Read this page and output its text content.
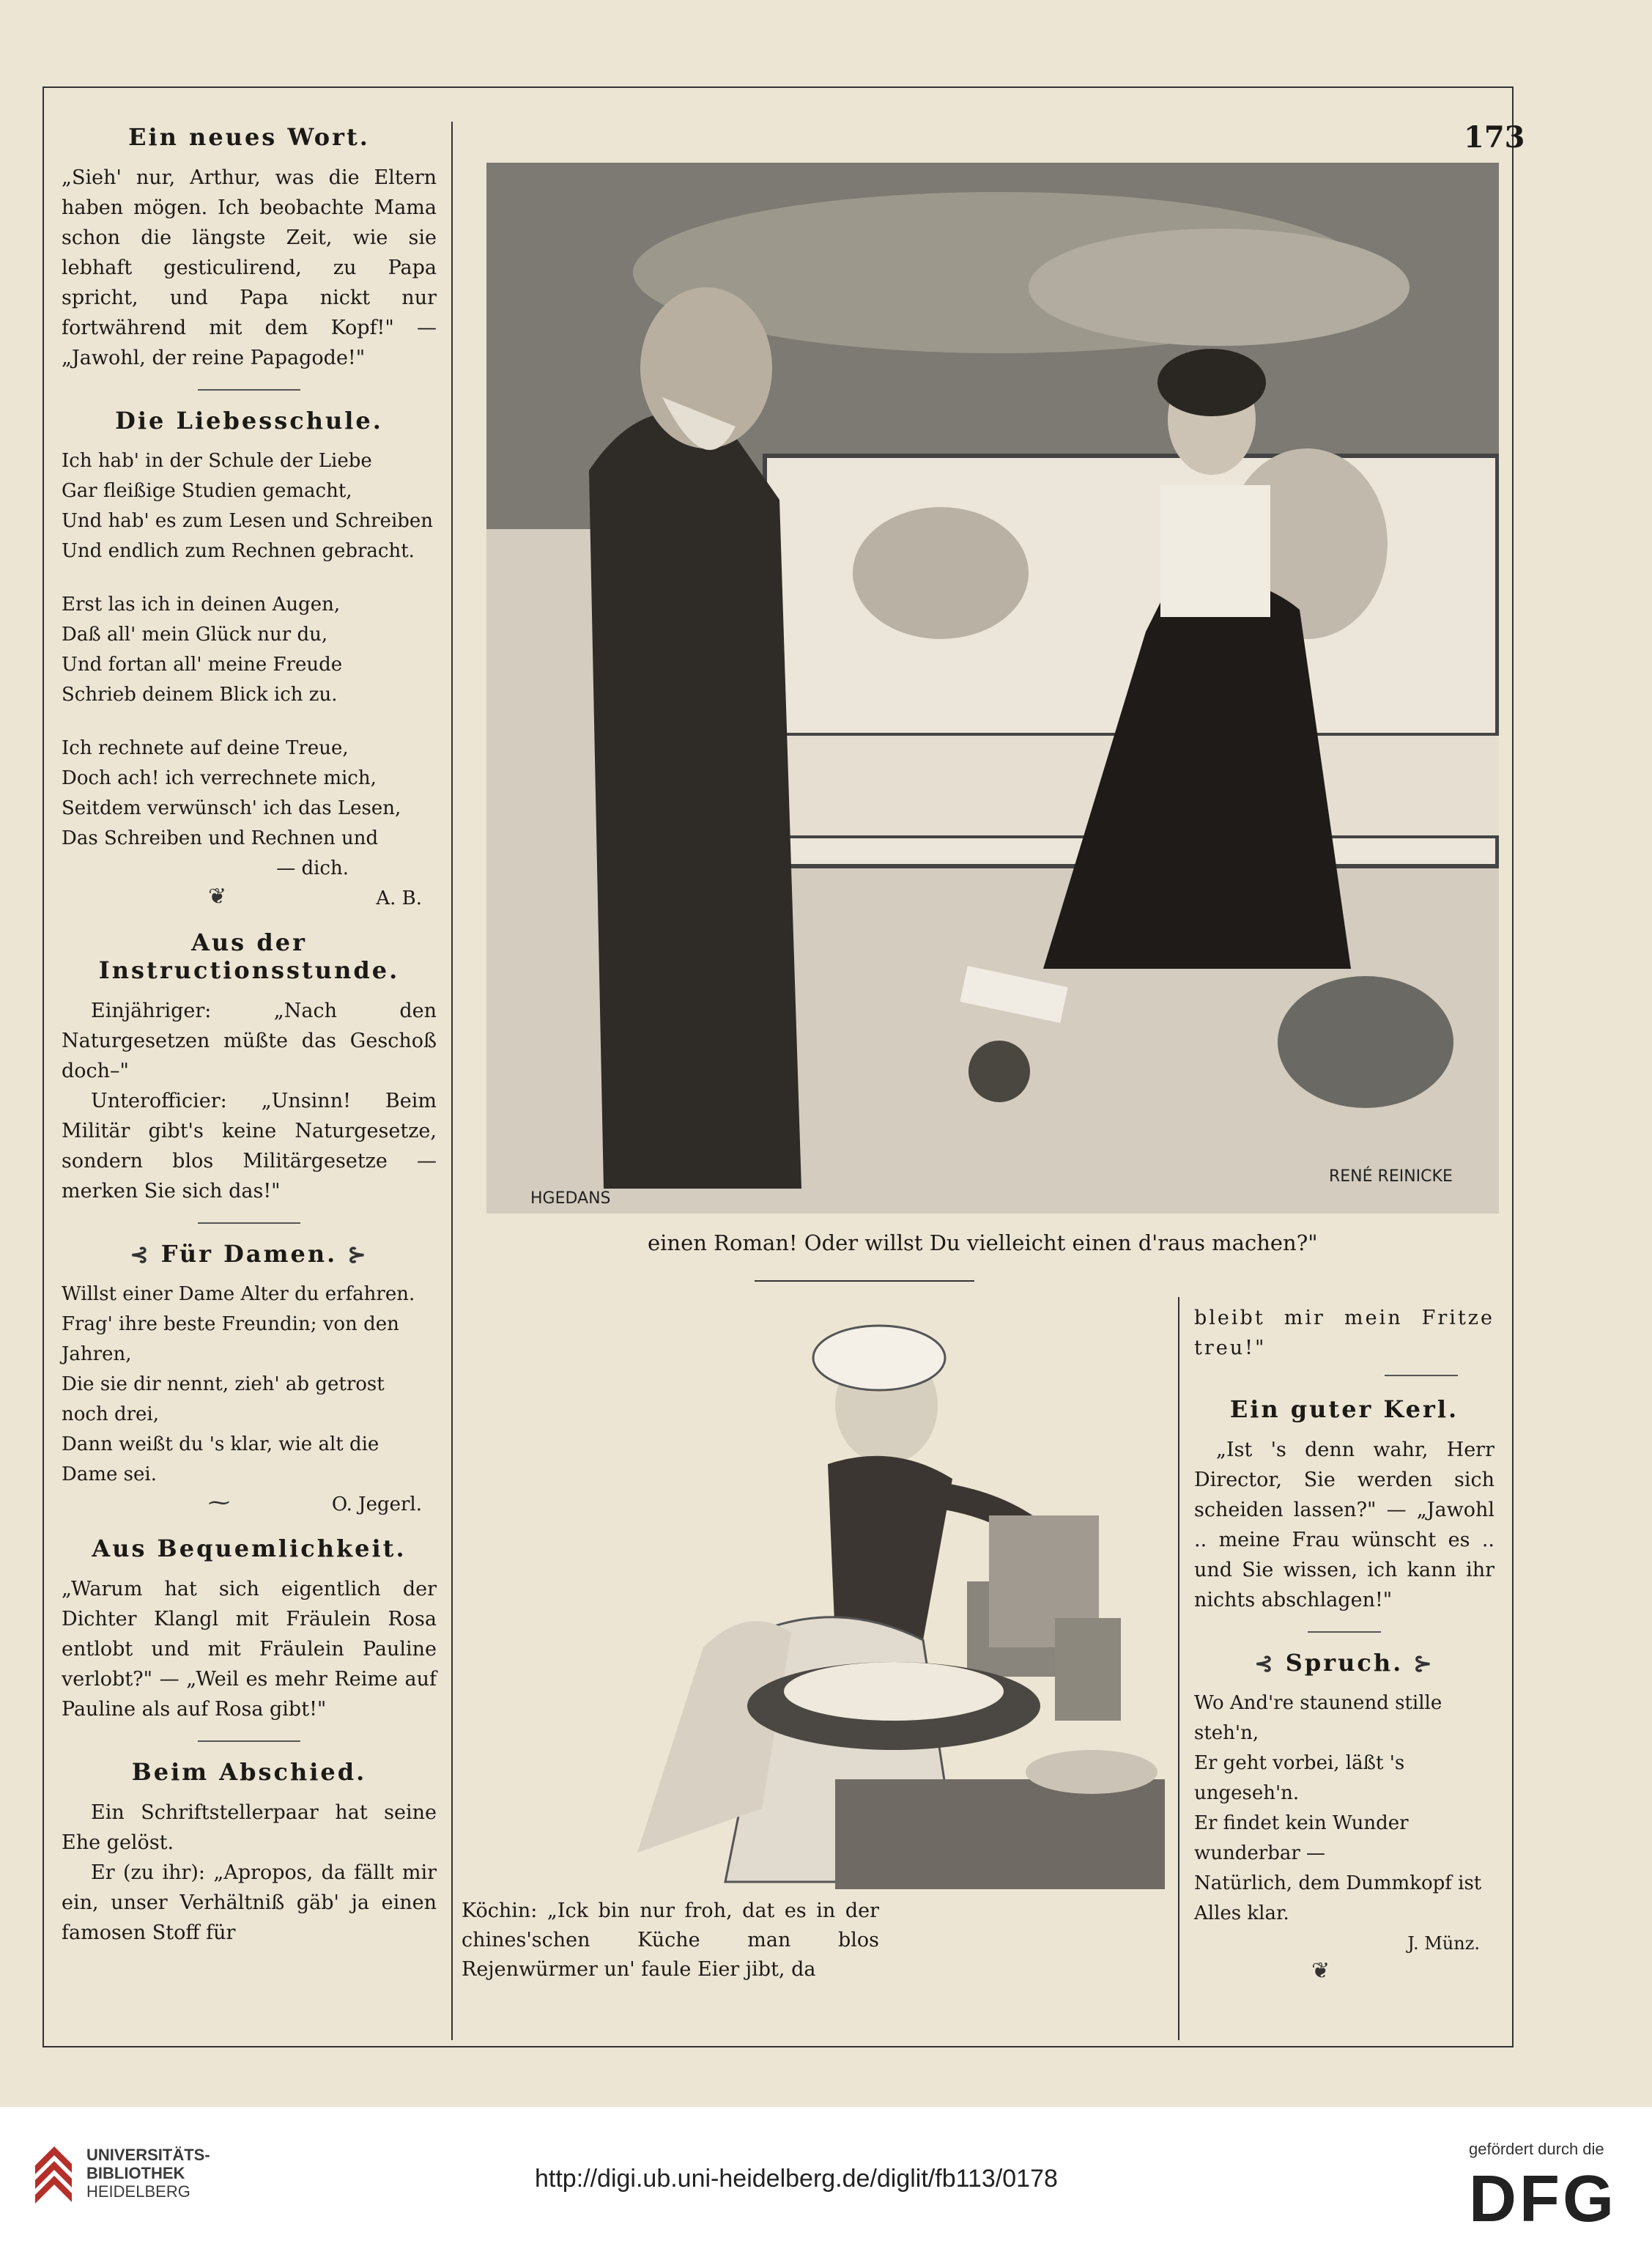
173
Ein neues Wort.

„Sieh' nur, Arthur, was die Eltern haben mögen. Ich beobachte Mama schon die längste Zeit, wie sie lebhaft gesticulirend, zu Papa spricht, und Papa nickt nur fortwährend mit dem Kopf!" — „Jawohl, der reine Papagode!"

Die Liebesschule.
Ich hab' in der Schule der Liebe
Gar fleißige Studien gemacht,
Und hab' es zum Lesen und Schreiben
Und endlich zum Rechnen gebracht.
Erst las ich in deinen Augen,
Daß all' mein Glück nur du,
Und fortan all' meine Freude
Schrieb deinem Blick ich zu.
Ich rechnete auf deine Treue,
Doch ach! ich verrechnete mich,
Seitdem verwünsch' ich das Lesen,
Das Schreiben und Rechnen und
— dich.
❦	A. B.
Aus der Instructionsstunde.

Einjähriger: „Nach den Naturgesetzen müßte das Geschoß doch–"

Unterofficier: „Unsinn! Beim Militär gibt's keine Naturgesetze, sondern blos Militärgesetze — merken Sie sich das!"

⊰ Für Damen. ⊱
Willst einer Dame Alter du erfahren.
Frag' ihre beste Freundin; von den Jahren,
Die sie dir nennt, zieh' ab getrost noch drei,
Dann weißt du 's klar, wie alt die Dame sei.
⁓	O. Jegerl.
Aus Bequemlichkeit.

„Warum hat sich eigentlich der Dichter Klangl mit Fräulein Rosa entlobt und mit Fräulein Pauline verlobt?" — „Weil es mehr Reime auf Pauline als auf Rosa gibt!"

Beim Abschied.

Ein Schriftstellerpaar hat seine Ehe gelöst.

Er (zu ihr): „Apropos, da fällt mir ein, unser Verhältniß gäb' ja einen famosen Stoff für

HGEDANS
RENÉ REINICKE
einen Roman! Oder willst Du vielleicht einen d'raus machen?"
Köchin: „Ick bin nur froh, dat es in der chines'schen Küche man blos Rejenwürmer un' faule Eier jibt, da

bleibt mir mein Fritze treu!"

Ein guter Kerl.

„Ist 's denn wahr, Herr Director, Sie werden sich scheiden lassen?" — „Jawohl .. meine Frau wünscht es .. und Sie wissen, ich kann ihr nichts abschlagen!"

⊰ Spruch. ⊱
Wo And're staunend stille steh'n,
Er geht vorbei, läßt 's ungeseh'n.
Er findet kein Wunder wunderbar —
Natürlich, dem Dummkopf ist Alles klar.
J. Münz.
❦
UNIVERSITÄTS-
BIBLIOTHEK
HEIDELBERG	http://digi.ub.uni-heidelberg.de/diglit/fb113/0178
gefördert durch die
DFG
